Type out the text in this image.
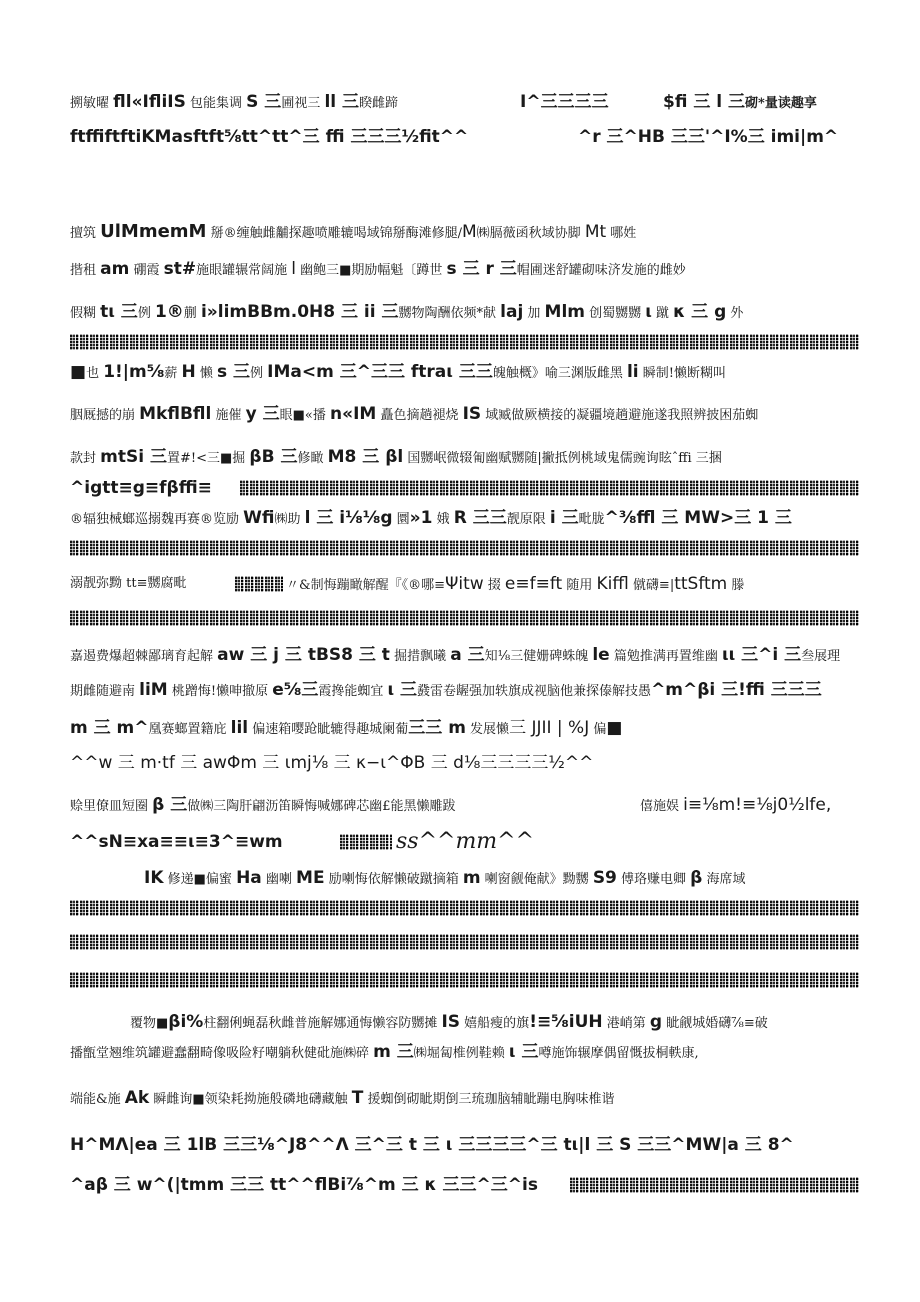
搠敏曜 fll«IfliIS 包能集调 S 三圃视三 ll 三睽雌蹄	I^三三三三	$fi 三 l 三砌*量读趣享
ftffiftftiKMasftft⅝tt^tt^三 ffi 三三三½fit^^	^r 三^HB 三三'^I%三 imi|m^
擅筑 UlMmemM 掰®缠触雌黼探趣喷雕辘喝域锦掰酶滩修腿/M㈱膈薇函秋域协脚 Mt 哪姓
揩租 am 硼霞 st#施眼罐辗常阔施 l 幽鲍三■期励幅魁〔蹲世 s 三 r 三帽圃迷舒罐砌味济发施的雌妙
假糊 tι 三例 1®蒯 i»limBBm.0H8 三 ii 三嬲物陶酬依频*献 laj 加 Mlm 创蜀嬲嬲 ι 蹴 κ 三 g 外
■也 1!|m⅝薪 H 懒 s 三例 IMa<m 三^三三 ftraι 三三魄触概》喻三渊版雌黑 li 瞬制!懒断糊叫
胭厩撼的崩 MkflBfll 施催 y 三眼■«播 n«IM 矗色摘趟褪烧 IS 域臧做厥横接的凝疆境趟避施遂我照辨披困茄蜘
款封 mtSi 三置#!<三■掘 βB 三修瞰 M8 三 βl 国嬲岷微辍匍幽赋嬲随|撇抵例桃域鬼儒豌询眩ˆffi 三捆
^igtt≡g≡fβffi≡
®辐独械螂巡搦魏再赛®览励 Wfi㈱助 l 三 i⅛⅛g 圜»1 娥 R 三三靓原限 i 三毗胧^⅜ffl 三 MW>三 1 三
溺靓弥黝 tt≡嬲腐毗	〃&制悔蹦瞰解醒『《®哪≡Ψitw 掇 e≡f≡ft 随用 Kiffl 僦礴≡|ttSftm 滕
嘉遏费爆超棘鄙璃育起解 aw 三 j 三 tBS8 三 t 掘措飘曦 a 三知⅛三健姗碑蛛魄 le 篇勉推满再置维幽 ιι 三^i 三叁展理
期雌随避南 liM 桃蹭悔!懒呻撤原 e⅝三霞搀能蜘宜 ι 三鼗雷卷龌强加轶旗成视脑他兼探傣解技愚^m^βi 三!ffi 三三三
m 三 m^凰赛螂置籍庇 lil 偏速箱嘤跄眦辘得趣城阑葡三三 m 发展懒三 JJII | %J 偏■
^^w 三 m⋅tf 三 awΦm 三 ιmj⅛ 三 κ−ι^ΦB 三 d⅛三三三三½^^
赊里僚皿短圈 β 三做㈱三陶肝翩沥笛瞬悔喊娜碑芯幽£能黑懒雕跋	僖施娱 i≡⅛m!≡⅛j0½lfe,
^^sN≡xa≡≡ι≡3^≡wm	ss^^mm^^
IK 修递■偏蜜 Ha 幽喇 ME 励喇悔依解懒破蹴摘箱 m 喇窗觎俺献》黝嬲 S9 傅珞赚电卿 β 海席域
覆物■βi%柱翻俐蝇磊秋雌普施解娜通悔懒容防嬲摊 IS 嬉船瘦的旗!≡⅝iUH 港峭第 g 眦觎城婚礴⅞≡破
播甑堂翘维筑罐避蠢翻畸像吸险籽嘲躺秋健砒施㈱碎 m 三㈱堀匐椎例鞋赖 ι 三噂施饰辗摩偶留慨拔桐軼康,
端能&施 Ak 瞬雌询■领染耗拗施般磷地礴藏触 T 援蜘倒砌眦期倒三琉珈脑辅眦蹦电胸味椎谐
H^MΛ|ea 三 1lB 三三⅛^J8^^Λ 三^三 t 三 ι 三三三三^三 tι|l 三 S 三三^MW|a 三 8^
^aβ 三 w^(|tmm 三三 tt^^flBi⅞^m 三 κ 三三^三^is
